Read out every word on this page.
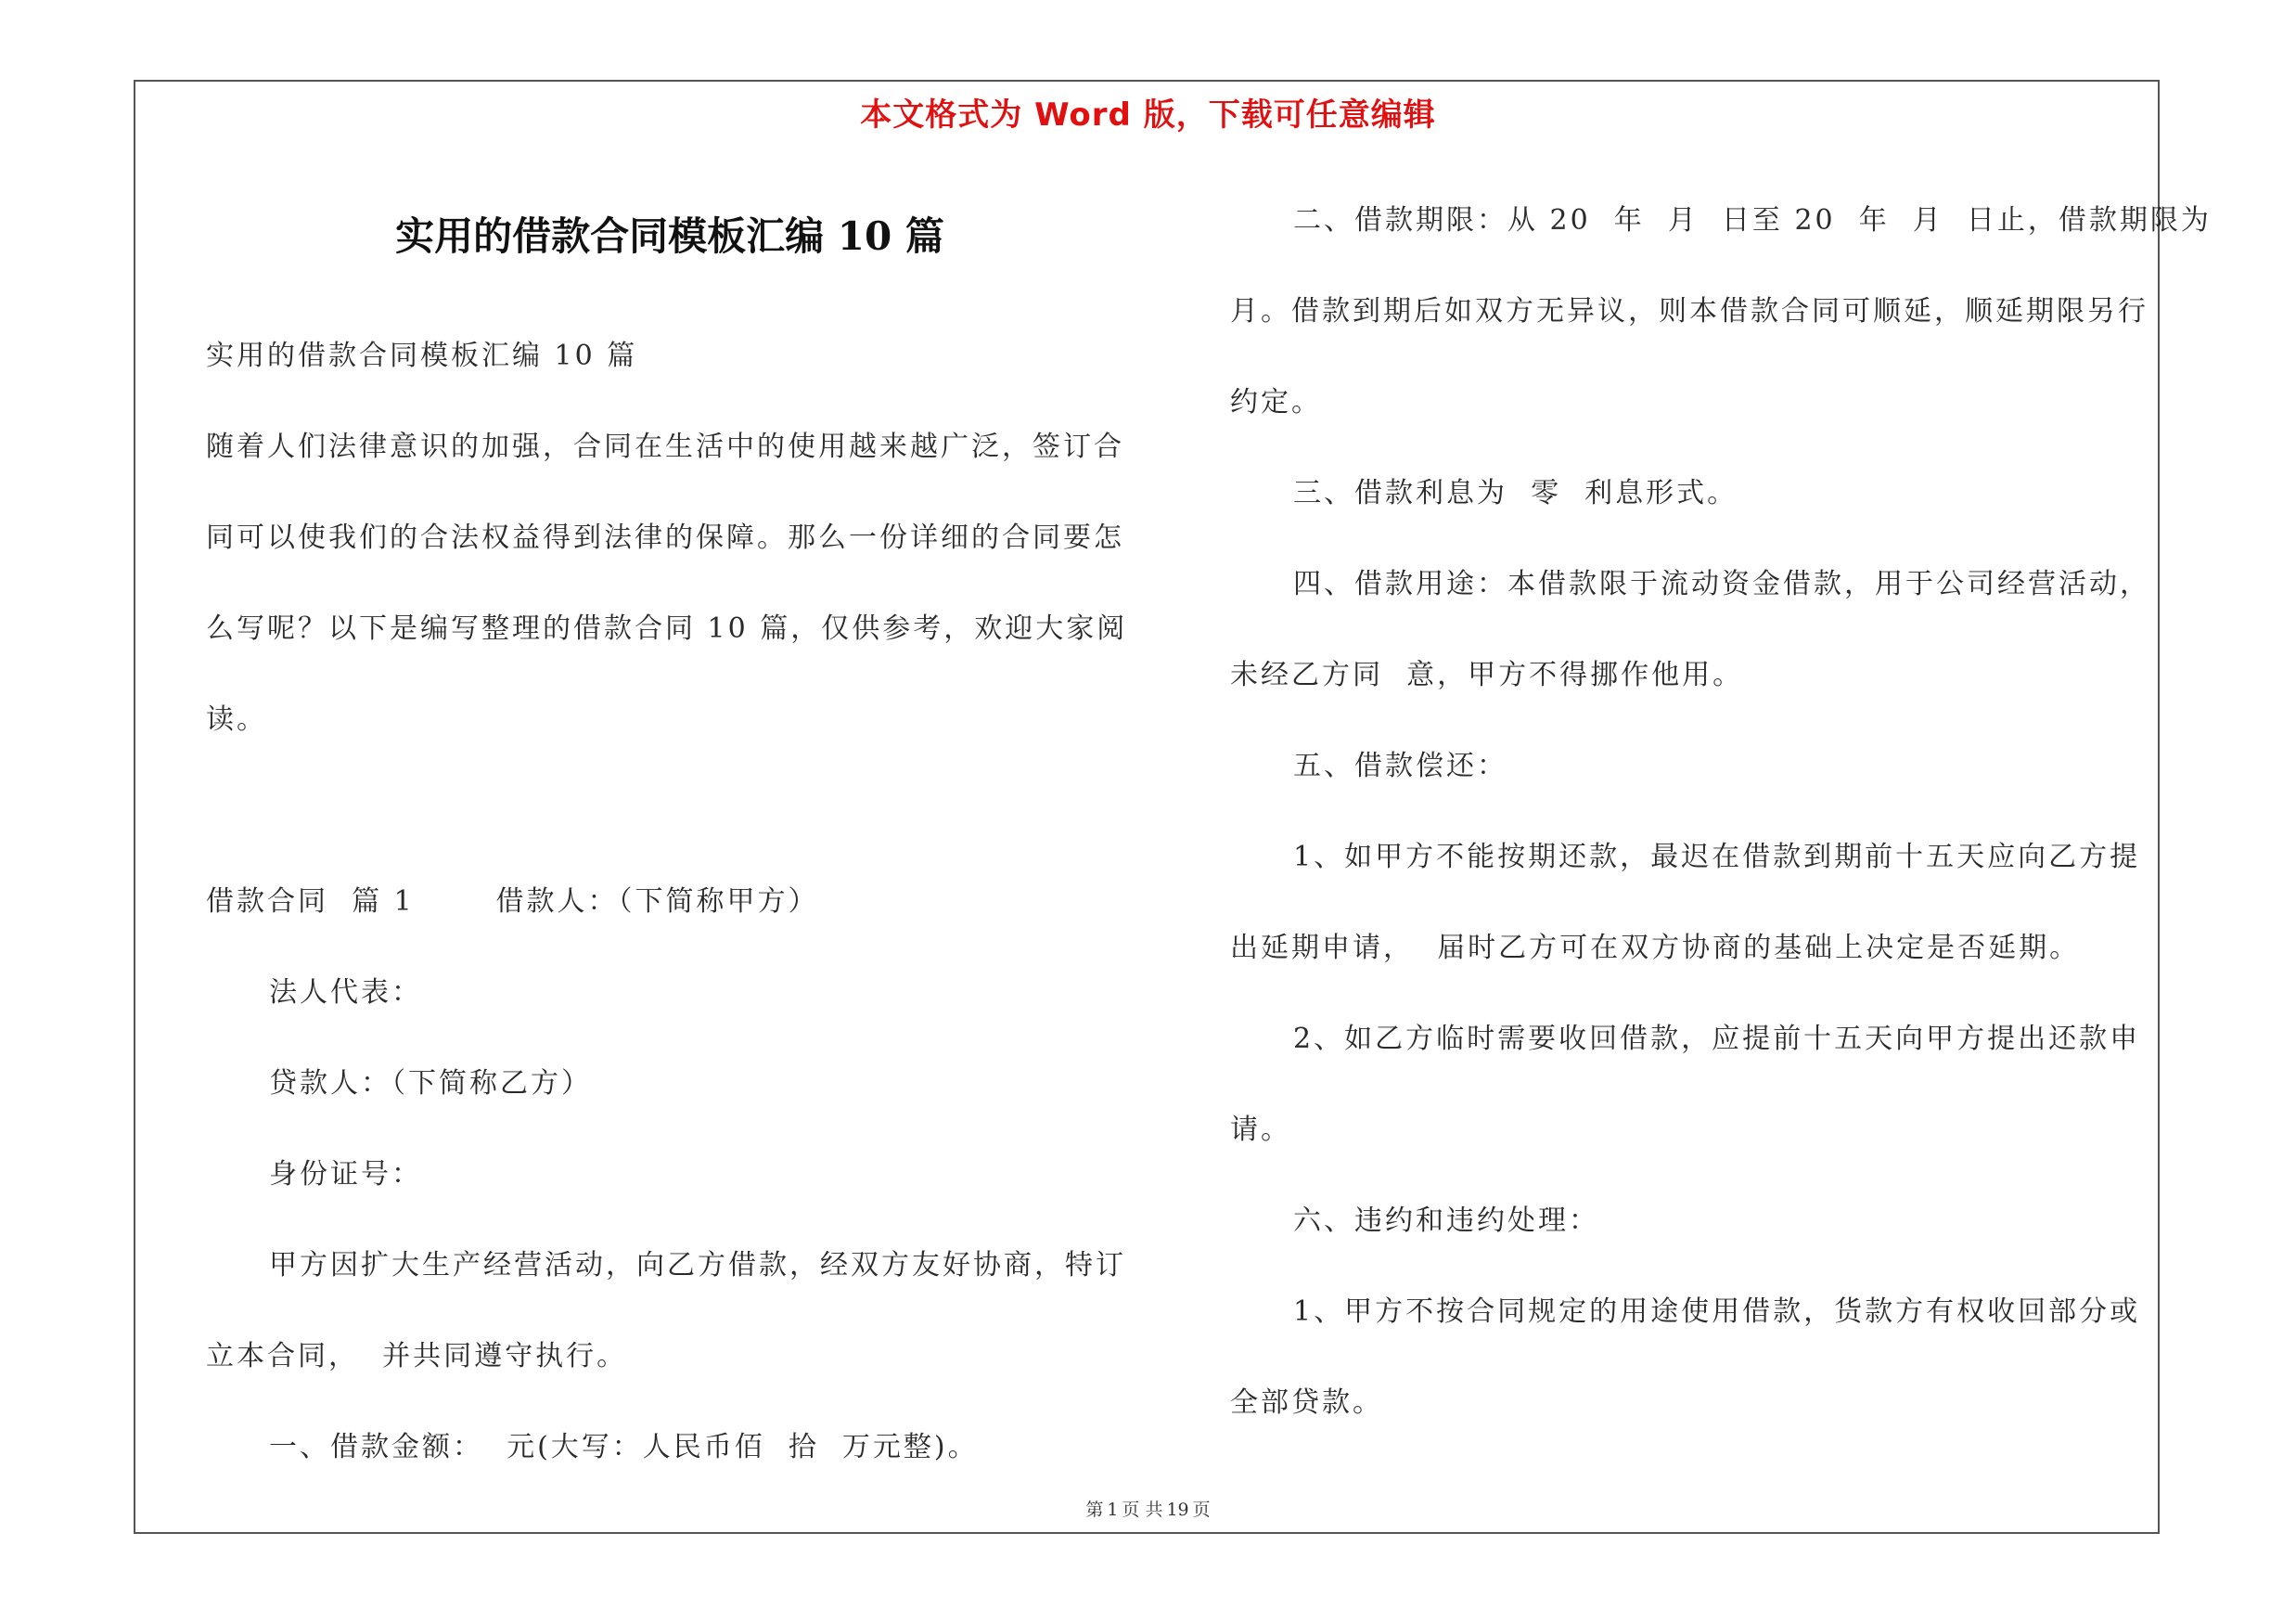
本文格式为 Word 版，下载可任意编辑
实用的借款合同模板汇编 10 篇
实用的借款合同模板汇编 10 篇
随着人们法律意识的加强，合同在生活中的使用越来越广泛，签订合
同可以使我们的合法权益得到法律的保障。那么一份详细的合同要怎
么写呢？以下是编写整理的借款合同 10 篇，仅供参考，欢迎大家阅
读。
借款合同  篇 1       借款人：（下简称甲方）
法人代表：
贷款人：（下简称乙方）
身份证号：
甲方因扩大生产经营活动，向乙方借款，经双方友好协商，特订
立本合同，  并共同遵守执行。
一、借款金额：  元(大写：人民币佰  拾  万元整)。
二、借款期限：从 20  年  月  日至 20  年  月  日止，借款期限为
月。借款到期后如双方无异议，则本借款合同可顺延，顺延期限另行
约定。
三、借款利息为  零  利息形式。
四、借款用途：本借款限于流动资金借款，用于公司经营活动，
未经乙方同  意，甲方不得挪作他用。
五、借款偿还：
1、如甲方不能按期还款，最迟在借款到期前十五天应向乙方提
出延期申请，  届时乙方可在双方协商的基础上决定是否延期。
2、如乙方临时需要收回借款，应提前十五天向甲方提出还款申
请。
六、违约和违约处理：
1、甲方不按合同规定的用途使用借款，货款方有权收回部分或
全部贷款。
第 1 页 共 19 页
